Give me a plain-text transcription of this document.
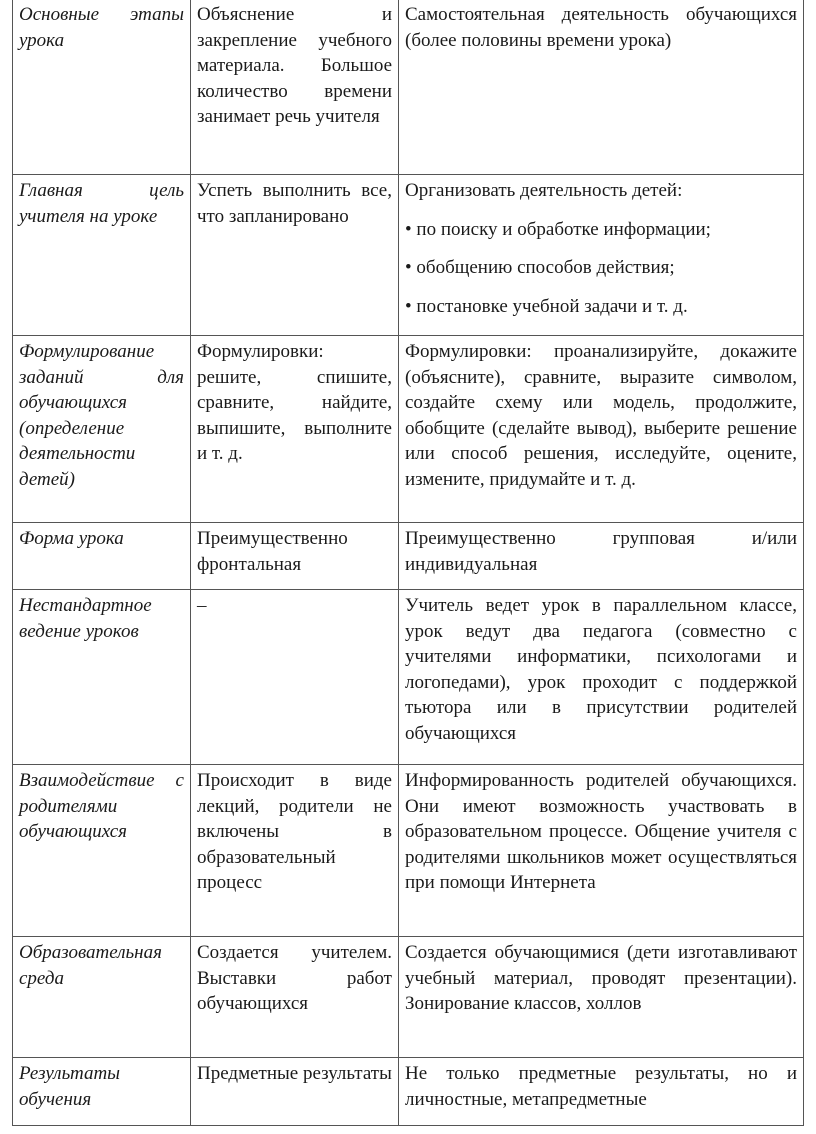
Основные этапы урока	Объяснение и закрепление учебного материала. Большое количество времени занимает речь учителя	Самостоятельная деятельность обучающихся (более половины времени урока)
Главная цель учителя на уроке	Успеть выполнить все, что запланировано	Организовать деятельность детей:
• по поиску и обработке информации;
• обобщению способов действия;
• постановке учебной задачи и т. д.

Формулирование заданий для обучающихся (определение деятельности детей)	Формулировки: решите, спишите, сравните, найдите, выпишите, выполните и т. д.	Формулировки: проанализируйте, докажите (объясните), сравните, выразите символом, создайте схему или модель, продолжите, обобщите (сделайте вывод), выберите решение или способ решения, исследуйте, оцените, измените, придумайте и т. д.
Форма урока	Преимущественно фронтальная	Преимущественно групповая и/или индивидуальная
Нестандартное ведение уроков	–	Учитель ведет урок в параллельном классе, урок ведут два педагога (совместно с учителями информатики, психологами и логопедами), урок проходит с поддержкой тьютора или в присутствии родителей обучающихся
Взаимодействие с родителями обучающихся	Происходит в виде лекций, родители не включены в образовательный процесс	Информированность родителей обучающихся. Они имеют возможность участвовать в образовательном процессе. Общение учителя с родителями школьников может осуществляться при помощи Интернета
Образовательная среда	Создается учителем. Выставки работ обучающихся	Создается обучающимися (дети изготавливают учебный материал, проводят презентации). Зонирование классов, холлов
Результаты обучения	Предметные результаты	Не только предметные результаты, но и личностные, метапредметные
